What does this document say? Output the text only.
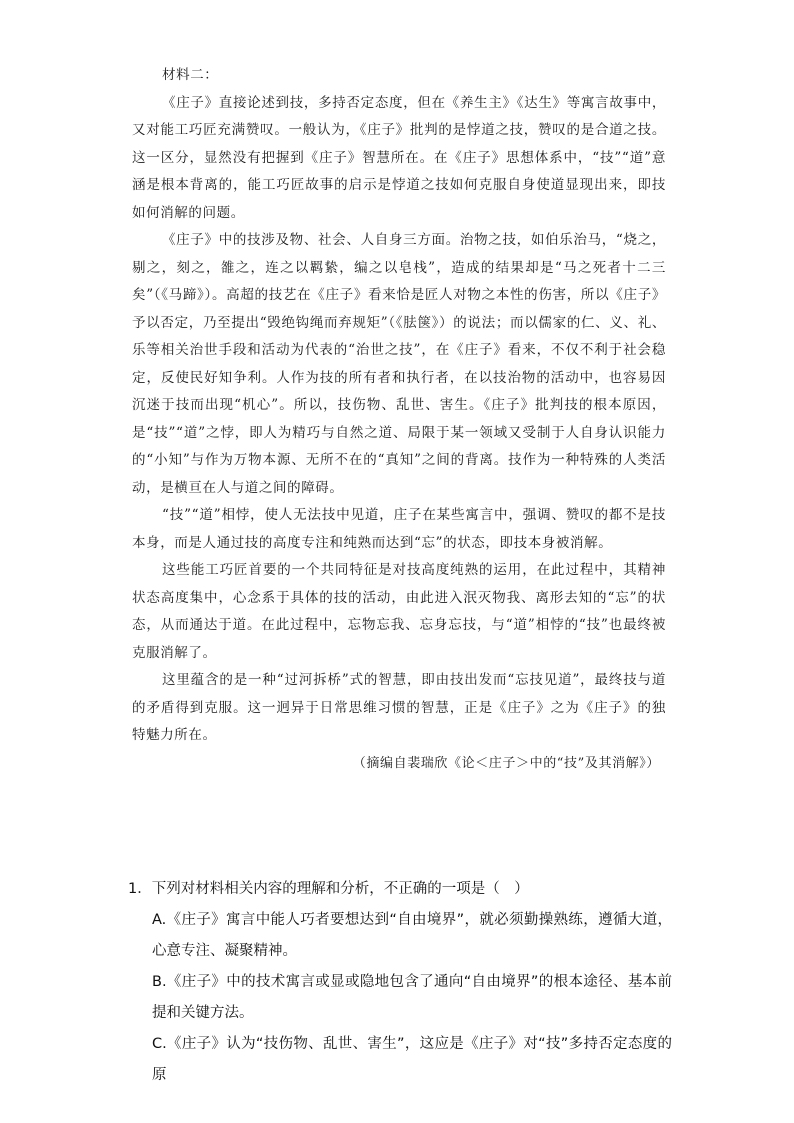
材料二：

《庄子》直接论述到技，多持否定态度，但在《养生主》《达生》等寓言故事中，又对能工巧匠充满赞叹。一般认为，《庄子》批判的是悖道之技，赞叹的是合道之技。这一区分，显然没有把握到《庄子》智慧所在。在《庄子》思想体系中，“技”“道”意涵是根本背离的，能工巧匠故事的启示是悖道之技如何克服自身使道显现出来，即技如何消解的问题。

《庄子》中的技涉及物、社会、人自身三方面。治物之技，如伯乐治马，“烧之，剔之，刻之，雒之，连之以羁絷，编之以皂栈”，造成的结果却是“马之死者十二三矣”（《马蹄》）。高超的技艺在《庄子》看来恰是匠人对物之本性的伤害，所以《庄子》予以否定，乃至提出“毁绝钩绳而弃规矩”（《胠箧》）的说法；而以儒家的仁、义、礼、乐等相关治世手段和活动为代表的“治世之技”，在《庄子》看来，不仅不利于社会稳定，反使民好知争利。人作为技的所有者和执行者，在以技治物的活动中，也容易因沉迷于技而出现“机心”。所以，技伤物、乱世、害生。《庄子》批判技的根本原因，是“技”“道”之悖，即人为精巧与自然之道、局限于某一领域又受制于人自身认识能力的“小知”与作为万物本源、无所不在的“真知”之间的背离。技作为一种特殊的人类活动，是横亘在人与道之间的障碍。

“技”“道”相悖，使人无法技中见道，庄子在某些寓言中，强调、赞叹的都不是技本身，而是人通过技的高度专注和纯熟而达到“忘”的状态，即技本身被消解。

这些能工巧匠首要的一个共同特征是对技高度纯熟的运用，在此过程中，其精神状态高度集中，心念系于具体的技的活动，由此进入泯灭物我、离形去知的“忘”的状态，从而通达于道。在此过程中，忘物忘我、忘身忘技，与“道”相悖的“技”也最终被克服消解了。

这里蕴含的是一种“过河拆桥”式的智慧，即由技出发而“忘技见道”，最终技与道的矛盾得到克服。这一迥异于日常思维习惯的智慧，正是《庄子》之为《庄子》的独特魅力所在。

（摘编自裴瑞欣《论＜庄子＞中的“技”及其消解》）

1．下列对材料相关内容的理解和分析，不正确的一项是（　）

A.《庄子》寓言中能人巧者要想达到“自由境界”，就必须勤操熟练，遵循大道，心意专注、凝聚精神。

B.《庄子》中的技术寓言或显或隐地包含了通向“自由境界”的根本途径、基本前提和关键方法。

C.《庄子》认为“技伤物、乱世、害生”，这应是《庄子》对“技”多持否定态度的原
